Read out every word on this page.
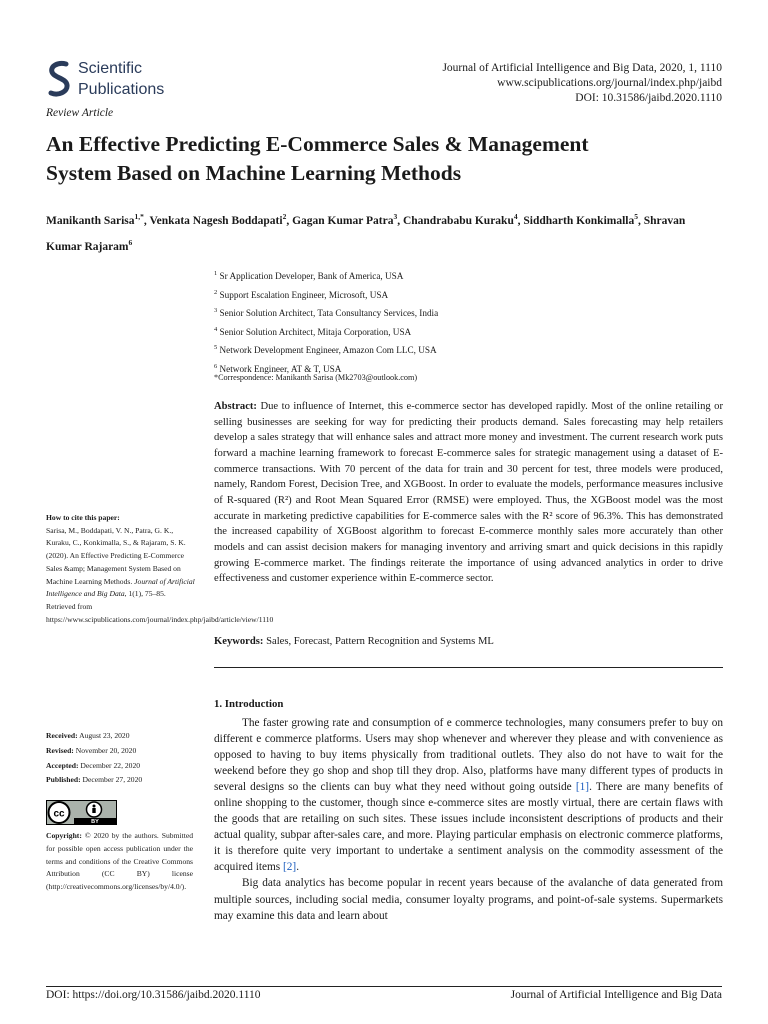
Scientific
Publications
Journal of Artificial Intelligence and Big Data, 2020, 1, 1110
www.scipublications.org/journal/index.php/jaibd
DOI: 10.31586/jaibd.2020.1110
Review Article
An Effective Predicting E-Commerce Sales & Management
System Based on Machine Learning Methods
Manikanth Sarisa$^{1,*}$, Venkata Nagesh Boddapati$^2$, Gagan Kumar Patra$^3$, Chandrababu Kuraku$^4$, Siddharth Konkimalla$^5$, Shravan Kumar Rajaram$^6$
$^1$ Sr Application Developer, Bank of America, USA
$^2$ Support Escalation Engineer, Microsoft, USA
$^3$ Senior Solution Architect, Tata Consultancy Services, India
$^4$ Senior Solution Architect, Mitaja Corporation, USA
$^5$ Network Development Engineer, Amazon Com LLC, USA
$^6$ Network Engineer, AT & T, USA
*Correspondence: Manikanth Sarisa (Mk2703@outlook.com)
Abstract: Due to influence of Internet, this e-commerce sector has developed rapidly. Most of the online retailing or selling businesses are seeking for way for predicting their products demand. Sales forecasting may help retailers develop a sales strategy that will enhance sales and attract more money and investment. The current research work puts forward a machine learning framework to forecast E-commerce sales for strategic management using a dataset of E-commerce transactions. With 70 percent of the data for train and 30 percent for test, three models were produced, namely, Random Forest, Decision Tree, and XGBoost. In order to evaluate the models, performance measures inclusive of R-squared (R²) and Root Mean Squared Error (RMSE) were employed. Thus, the XGBoost model was the most accurate in marketing predictive capabilities for E-commerce sales with the R² score of 96.3%. This has demonstrated the increased capability of XGBoost algorithm to forecast E-commerce monthly sales more accurately than other models and can assist decision makers for managing inventory and arriving smart and quick decisions in this rapidly growing E-commerce market. The findings reiterate the importance of using advanced analytics in order to drive effectiveness and customer experience within E-commerce sector.
Keywords: Sales, Forecast, Pattern Recognition and Systems ML
How to cite this paper:
Sarisa, M., Boddapati, V. N., Patra, G. K., Kuraku, C., Konkimalla, S., & Rajaram, S. K. (2020). An Effective Predicting E-Commerce Sales &amp; Management System Based on Machine Learning Methods. Journal of Artificial Intelligence and Big Data, 1(1), 75–85. Retrieved from https://www.scipublications.com/journal/index.php/jaibd/article/view/1110
Received: August 23, 2020
Revised: November 20, 2020
Accepted: December 22, 2020
Published: December 27, 2020
cc
BY
Copyright: © 2020 by the authors. Submitted for possible open access publication under the terms and conditions of the Creative Commons Attribution (CC BY) license (http://creativecommons.org/licenses/by/4.0/).
1. Introduction

The faster growing rate and consumption of e commerce technologies, many consumers prefer to buy on different e commerce platforms. Users may shop whenever and wherever they please and with convenience as opposed to having to buy items physically from traditional outlets. They also do not have to wait for the weekend before they go shop and shop till they drop. Also, platforms have many different types of products in several designs so the clients can buy what they need without going outside [1]. There are many benefits of online shopping to the customer, though since e-commerce sites are mostly virtual, there are certain flaws with the goods that are retailing on such sites. These issues include inconsistent descriptions of products and their actual quality, subpar after-sales care, and more. Playing particular emphasis on electronic commerce platforms, it is therefore quite very important to undertake a sentiment analysis on the commodity assessment of the acquired items [2].

Big data analytics has become popular in recent years because of the avalanche of data generated from multiple sources, including social media, consumer loyalty programs, and point-of-sale systems. Supermarkets may examine this data and learn about

DOI: https://doi.org/10.31586/jaibd.2020.1110	Journal of Artificial Intelligence and Big Data
